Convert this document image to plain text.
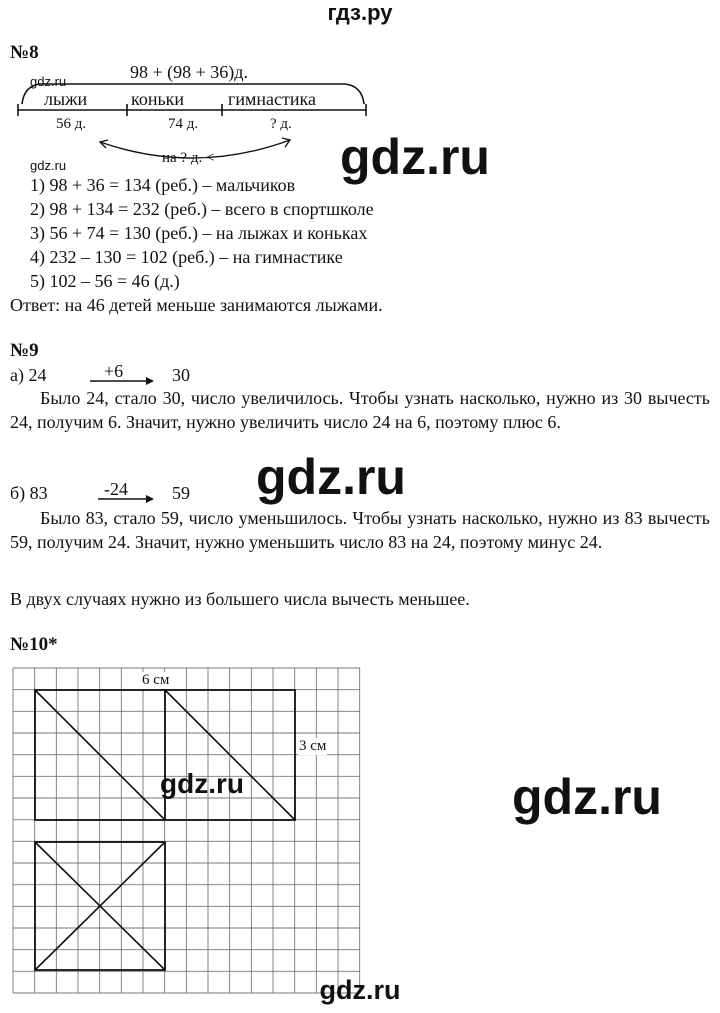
гдз.ру
№8
gdz.ru	98 + (98 + 36)д.
лыжи коньки гимнастика
56 д.	74 д.	? д.
gdz.ru	на ? д. <	gdz.ru
1) 98 + 36 = 134 (реб.) – мальчиков
2) 98 + 134 = 232 (реб.) – всего в спортшколе
3) 56 + 74 = 130 (реб.) – на лыжах и коньках
4) 232 – 130 = 102 (реб.) – на гимнастике
5) 102 – 56 = 46 (д.)
Ответ: на 46 детей меньше занимаются лыжами.
№9
а) 24	+6	30
Было 24, стало 30, число увеличилось. Чтобы узнать насколько, нужно из 30 вычесть 24, получим 6. Значит, нужно увеличить число 24 на 6, поэтому плюс 6.
gdz.ru
б) 83	-24 59
Было 83, стало 59, число уменьшилось. Чтобы узнать насколько, нужно из 83 вычесть 59, получим 24. Значит, нужно уменьшить число 83 на 24, поэтому минус 24.
В двух случаях нужно из большего числа вычесть меньшее.
№10*
6 см
3 см
gdz.ru	gdz.ru
gdz.ru
